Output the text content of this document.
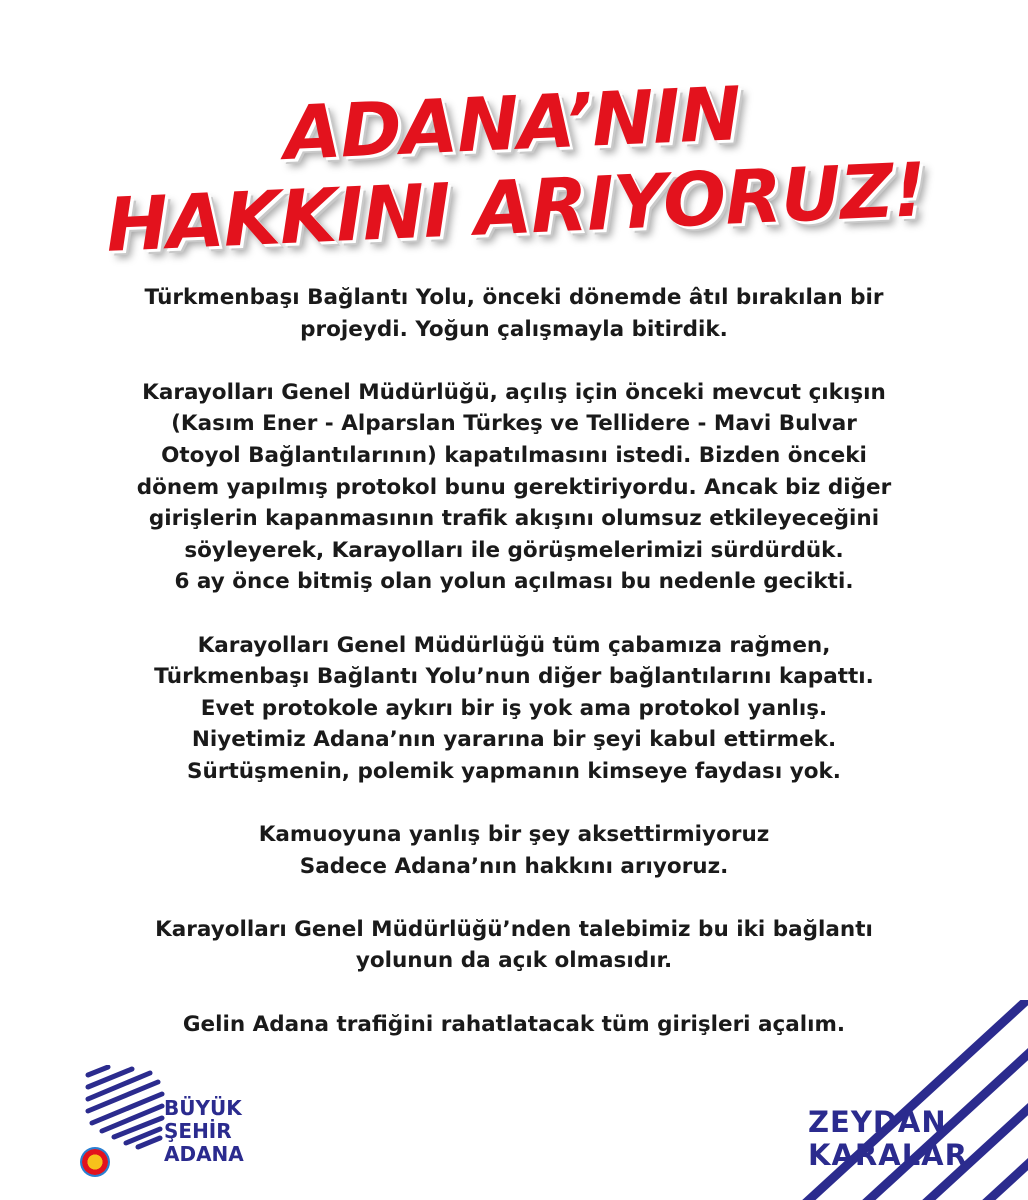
ADANA’NIN
HAKKINI ARIYORUZ!

Türkmenbaşı Bağlantı Yolu, önceki dönemde âtıl bırakılan bir
projeydi. Yoğun çalışmayla bitirdik.

Karayolları Genel Müdürlüğü, açılış için önceki mevcut çıkışın
(Kasım Ener - Alparslan Türkeş ve Tellidere - Mavi Bulvar
Otoyol Bağlantılarının) kapatılmasını istedi. Bizden önceki
dönem yapılmış protokol bunu gerektiriyordu. Ancak biz diğer
girişlerin kapanmasının trafik akışını olumsuz etkileyeceğini
söyleyerek, Karayolları ile görüşmelerimizi sürdürdük.
6 ay önce bitmiş olan yolun açılması bu nedenle gecikti.

Karayolları Genel Müdürlüğü tüm çabamıza rağmen,
Türkmenbaşı Bağlantı Yolu’nun diğer bağlantılarını kapattı.
Evet protokole aykırı bir iş yok ama protokol yanlış.
Niyetimiz Adana’nın yararına bir şeyi kabul ettirmek.
Sürtüşmenin, polemik yapmanın kimseye faydası yok.

Kamuoyuna yanlış bir şey aksettirmiyoruz
Sadece Adana’nın hakkını arıyoruz.

Karayolları Genel Müdürlüğü’nden talebimiz bu iki bağlantı
yolunun da açık olmasıdır.

Gelin Adana trafiğini rahatlatacak tüm girişleri açalım.

BÜYÜK
ŞEHİR
ADANA
ZEYDAN
KARALAR
